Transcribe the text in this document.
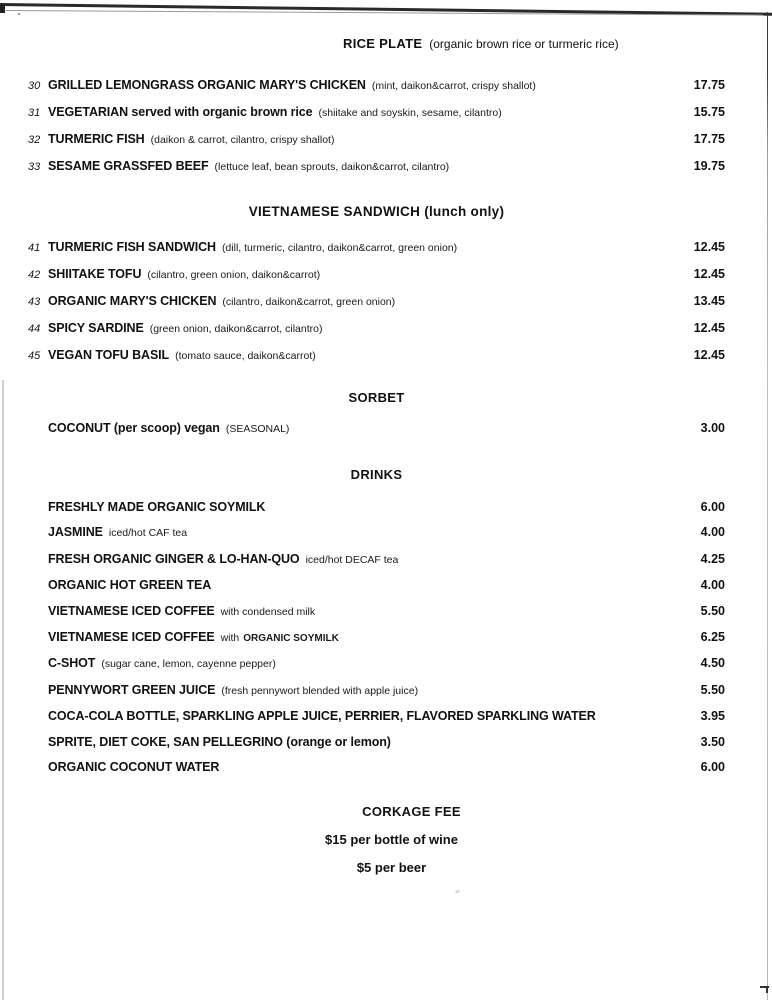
RICE PLATE (organic brown rice or turmeric rice)
30 GRILLED LEMONGRASS ORGANIC MARY'S CHICKEN (mint, daikon&carrot, crispy shallot)	17.75
31 VEGETARIAN served with organic brown rice (shiitake and soyskin, sesame, cilantro)	15.75
32 TURMERIC FISH (daikon & carrot, cilantro, crispy shallot)	17.75
33 SESAME GRASSFED BEEF (lettuce leaf, bean sprouts, daikon&carrot, cilantro)	19.75
VIETNAMESE SANDWICH (lunch only)
41 TURMERIC FISH SANDWICH (dill, turmeric, cilantro, daikon&carrot, green onion)	12.45
42 SHIITAKE TOFU (cilantro, green onion, daikon&carrot)	12.45
43 ORGANIC MARY'S CHICKEN (cilantro, daikon&carrot, green onion)	13.45
44 SPICY SARDINE (green onion, daikon&carrot, cilantro)	12.45
45 VEGAN TOFU BASIL (tomato sauce, daikon&carrot)	12.45
SORBET
COCONUT (per scoop) vegan (SEASONAL)	3.00
DRINKS
FRESHLY MADE ORGANIC SOYMILK	6.00
JASMINE iced/hot CAF tea	4.00
FRESH ORGANIC GINGER & LO-HAN-QUO iced/hot DECAF tea	4.25
ORGANIC HOT GREEN TEA	4.00
VIETNAMESE ICED COFFEE with condensed milk	5.50
VIETNAMESE ICED COFFEE with ORGANIC SOYMILK	6.25
C-SHOT (sugar cane, lemon, cayenne pepper)	4.50
PENNYWORT GREEN JUICE (fresh pennywort blended with apple juice)	5.50
COCA-COLA BOTTLE, SPARKLING APPLE JUICE, PERRIER, FLAVORED SPARKLING WATER	3.95
SPRITE, DIET COKE, SAN PELLEGRINO (orange or lemon)	3.50
ORGANIC COCONUT WATER	6.00
CORKAGE FEE
$15 per bottle of wine
$5 per beer
